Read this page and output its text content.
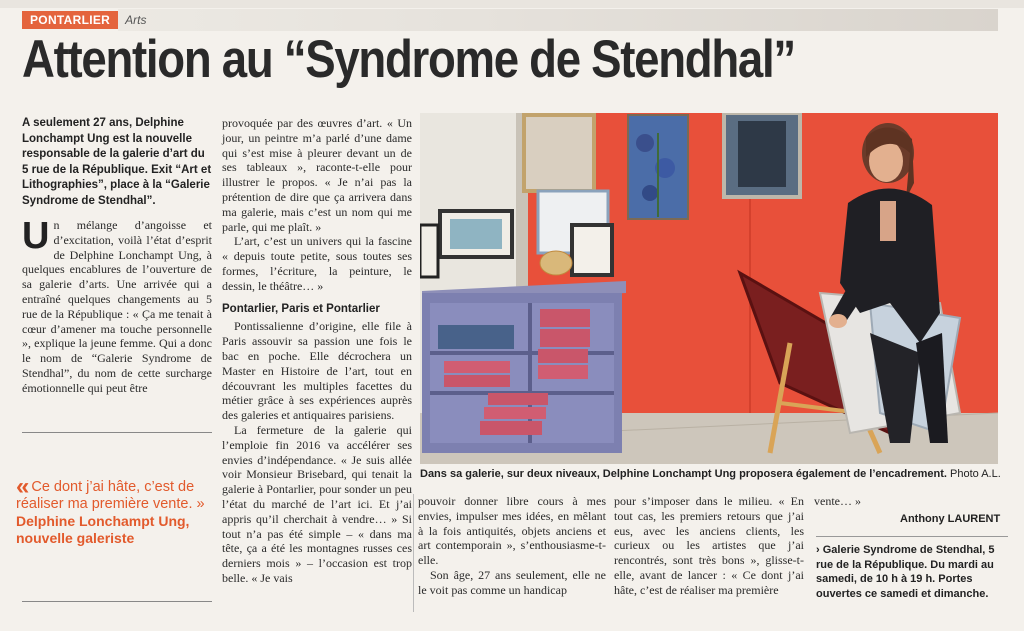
PONTARLIER	Arts
Attention au “Syndrome de Stendhal”
A seulement 27 ans, Delphine Lonchampt Ung est la nouvelle responsable de la galerie d’art du 5 rue de la République. Exit “Art et Lithographies”, place à la “Galerie Syndrome de Stendhal”.
U n mélange d’angoisse et d’excitation, voilà l’état d’esprit de Delphine Lonchampt Ung, à quelques encablures de l’ouverture de sa galerie d’arts. Une arrivée qui a entraîné quelques changements au 5 rue de la République : « Ça me tenait à cœur d’amener ma touche personnelle », explique la jeune femme. Qui a donc le nom de “Galerie Syndrome de Stendhal”, du nom de cette surcharge émotionnelle qui peut être
« Ce dont j’ai hâte, c’est de réaliser ma première vente. »
Delphine Lonchampt Ung,
nouvelle galeriste

provoquée par des œuvres d’art. « Un jour, un peintre m’a parlé d’une dame qui s’est mise à pleurer devant un de ses tableaux », raconte-t-elle pour illustrer le propos. « Je n’ai pas la prétention de dire que ça arrivera dans ma galerie, mais c’est un nom qui me parle, qui me plaît. »

L’art, c’est un univers qui la fascine « depuis toute petite, sous toutes ses formes, l’écriture, la peinture, le dessin, le théâtre… »

Pontarlier, Paris et Pontarlier

Pontissalienne d’origine, elle file à Paris assouvir sa passion une fois le bac en poche. Elle décrochera un Master en Histoire de l’art, tout en découvrant les multiples facettes du métier grâce à ses expériences auprès des galeries et antiquaires parisiens.

La fermeture de la galerie qui l’emploie fin 2016 va accélérer ses envies d’indépendance. « Je suis allée voir Monsieur Brisebard, qui tenait la galerie à Pontarlier, pour sonder un peu l’état du marché de l’art ici. Et j’ai appris qu’il cherchait à vendre… » Si tout n’a pas été simple – « dans ma tête, ça a été les montagnes russes ces derniers mois » – l’occasion est trop belle. « Je vais

Dans sa galerie, sur deux niveaux, Delphine Lonchampt Ung proposera également de l’encadrement. Photo A.L.

pouvoir donner libre cours à mes envies, impulser mes idées, en mêlant à la fois antiquités, objets anciens et art contemporain », s’enthousiasme-t-elle.

Son âge, 27 ans seulement, elle ne le voit pas comme un handicap

pour s’imposer dans le milieu. « En tout cas, les premiers retours que j’ai eus, avec les anciens clients, les curieux ou les artistes que j’ai rencontrés, sont très bons », glisse-t-elle, avant de lancer : « Ce dont j’ai hâte, c’est de réaliser ma première

vente… »

Anthony LAURENT
› Galerie Syndrome de Stendhal, 5 rue de la République. Du mardi au samedi, de 10 h à 19 h. Portes ouvertes ce samedi et dimanche.
